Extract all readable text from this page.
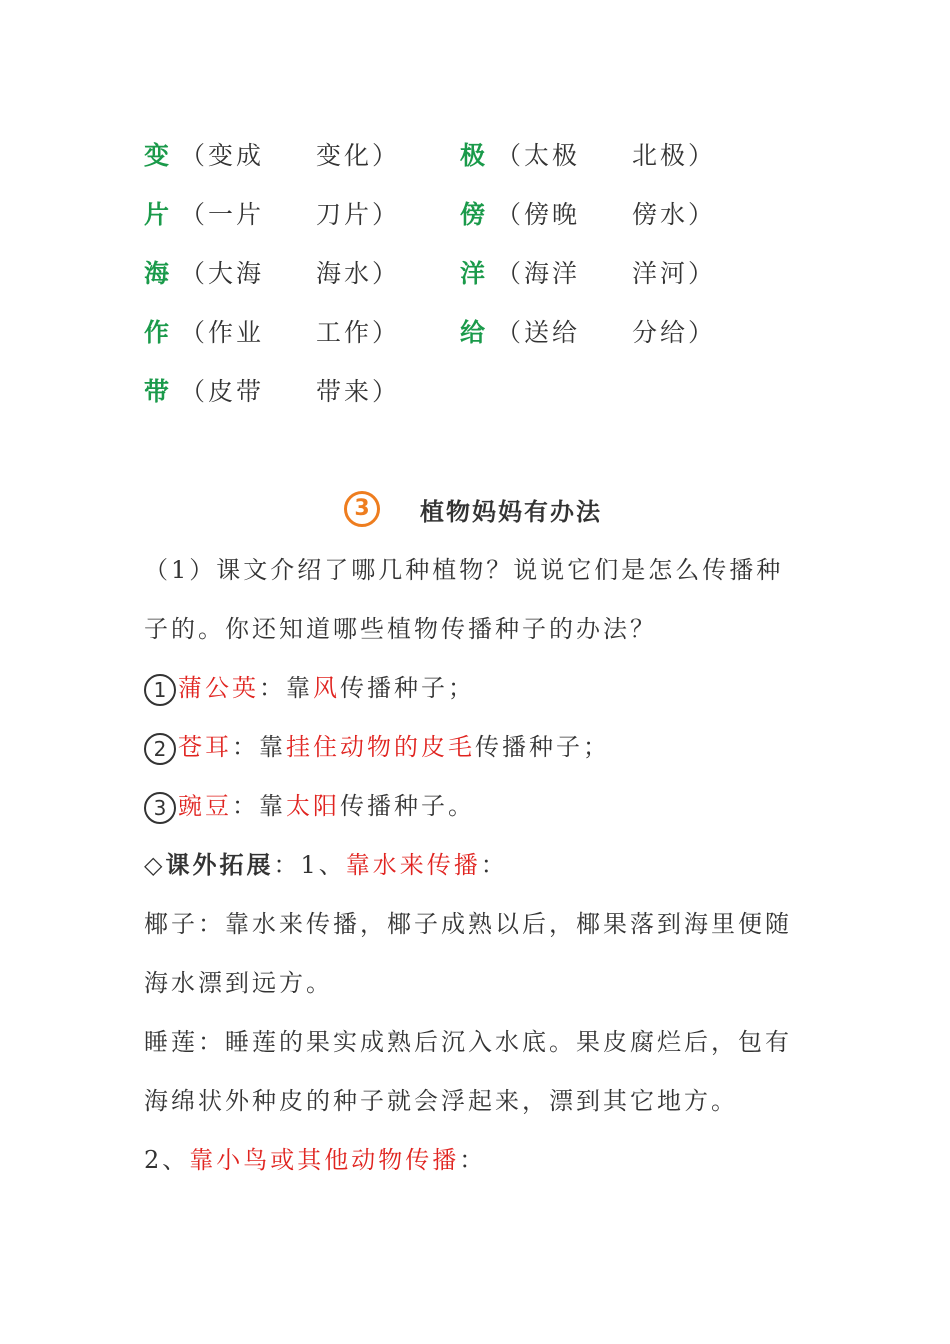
变 （变成 变化）
片 （一片 刀片）
海 （大海 海水）
作 （作业 工作）
带 （皮带 带来）
极 （太极 北极）
傍 （傍晚 傍水）
洋 （海洋 洋河）
给 （送给 分给）
3	植物妈妈有办法
（1）课文介绍了哪几种植物？说说它们是怎么传播种
子的。你还知道哪些植物传播种子的办法？
1 蒲公英：靠风传播种子；
2 苍耳：靠挂住动物的皮毛传播种子；
3 豌豆：靠太阳传播种子。
◇课外拓展：1、靠水来传播：
椰子：靠水来传播，椰子成熟以后，椰果落到海里便随
海水漂到远方。
睡莲：睡莲的果实成熟后沉入水底。果皮腐烂后，包有
海绵状外种皮的种子就会浮起来，漂到其它地方。
2、靠小鸟或其他动物传播：
